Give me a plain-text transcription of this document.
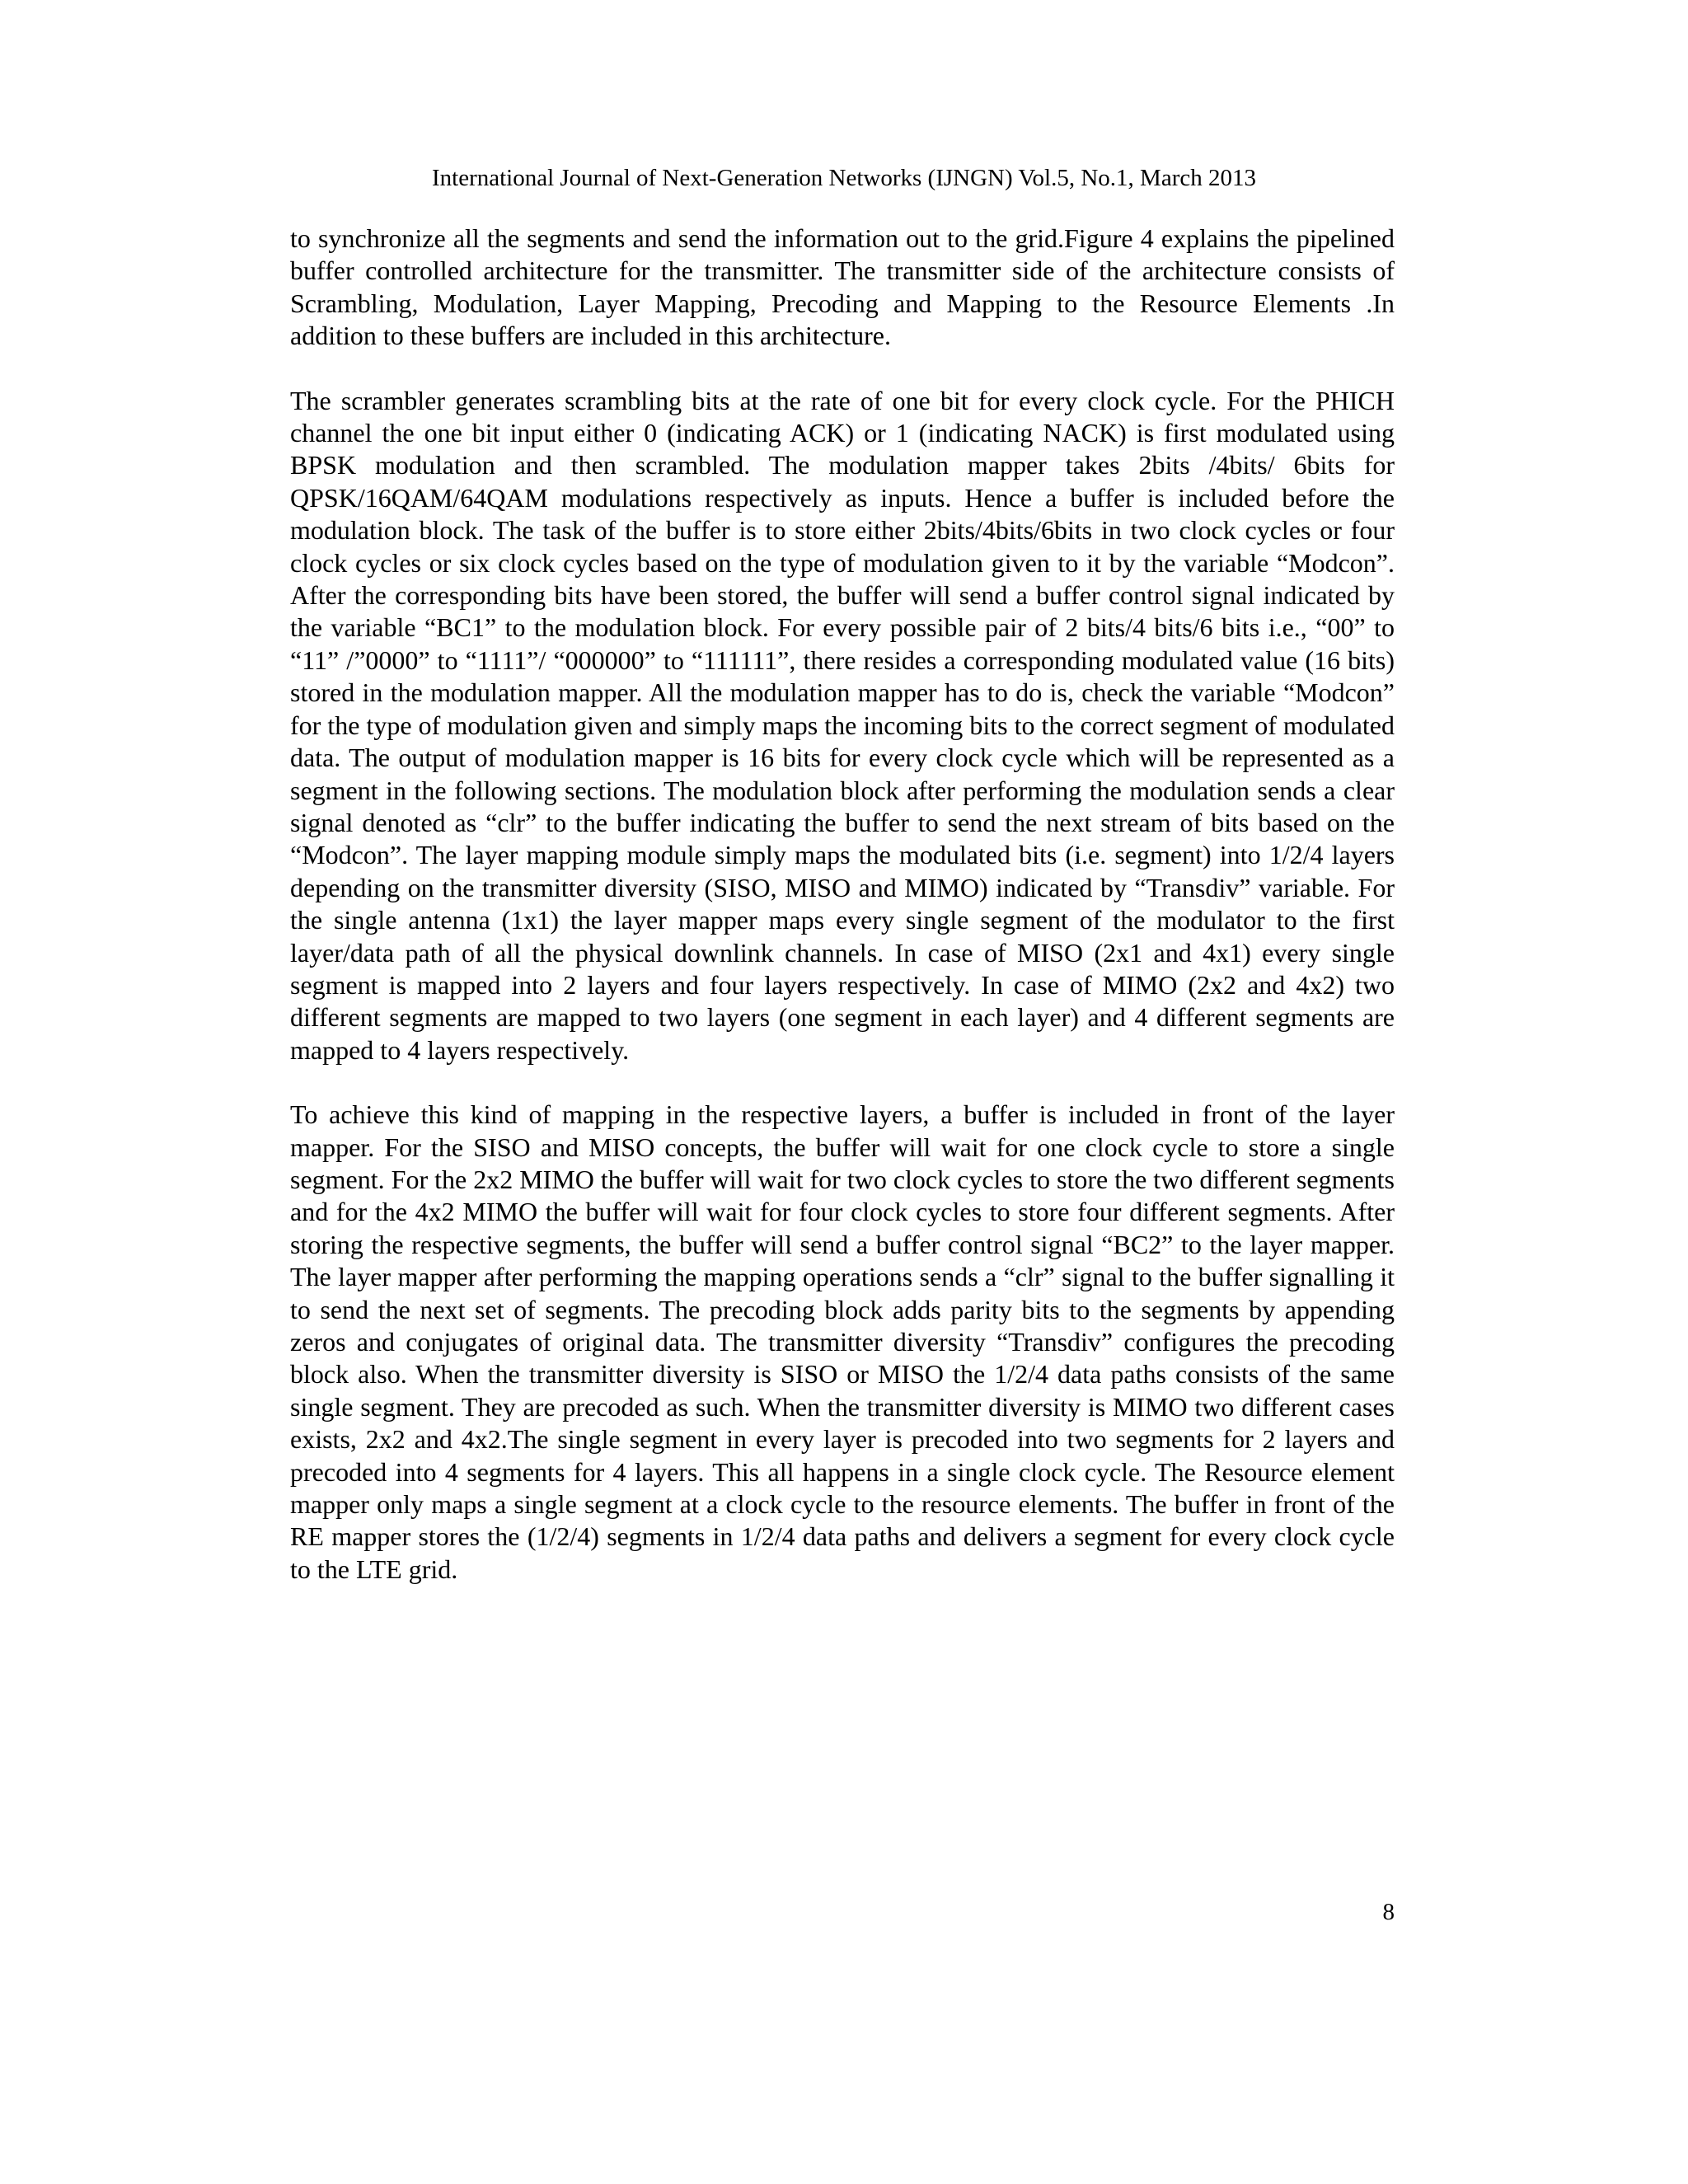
International Journal of Next-Generation Networks (IJNGN) Vol.5, No.1, March 2013

to synchronize all the segments and send the information out to the grid.Figure 4 explains the pipelined buffer controlled architecture for the transmitter. The transmitter side of the architecture consists of Scrambling, Modulation, Layer Mapping, Precoding and Mapping to the Resource Elements .In addition to these buffers are included in this architecture.

The scrambler generates scrambling bits at the rate of one bit for every clock cycle. For the PHICH channel the one bit input either 0 (indicating ACK) or 1 (indicating NACK) is first modulated using BPSK modulation and then scrambled. The modulation mapper takes 2bits /4bits/ 6bits for QPSK/16QAM/64QAM modulations respectively as inputs. Hence a buffer is included before the modulation block. The task of the buffer is to store either 2bits/4bits/6bits in two clock cycles or four clock cycles or six clock cycles based on the type of modulation given to it by the variable “Modcon”. After the corresponding bits have been stored, the buffer will send a buffer control signal indicated by the variable “BC1” to the modulation block. For every possible pair of 2 bits/4 bits/6 bits i.e., “00” to “11” /”0000” to “1111”/ “000000” to “111111”, there resides a corresponding modulated value (16 bits) stored in the modulation mapper. All the modulation mapper has to do is, check the variable “Modcon” for the type of modulation given and simply maps the incoming bits to the correct segment of modulated data. The output of modulation mapper is 16 bits for every clock cycle which will be represented as a segment in the following sections. The modulation block after performing the modulation sends a clear signal denoted as “clr” to the buffer indicating the buffer to send the next stream of bits based on the “Modcon”. The layer mapping module simply maps the modulated bits (i.e. segment) into 1/2/4 layers depending on the transmitter diversity (SISO, MISO and MIMO) indicated by “Transdiv” variable. For the single antenna (1x1) the layer mapper maps every single segment of the modulator to the first layer/data path of all the physical downlink channels. In case of MISO (2x1 and 4x1) every single segment is mapped into 2 layers and four layers respectively. In case of MIMO (2x2 and 4x2) two different segments are mapped to two layers (one segment in each layer) and 4 different segments are mapped to 4 layers respectively.

To achieve this kind of mapping in the respective layers, a buffer is included in front of the layer mapper. For the SISO and MISO concepts, the buffer will wait for one clock cycle to store a single segment. For the 2x2 MIMO the buffer will wait for two clock cycles to store the two different segments and for the 4x2 MIMO the buffer will wait for four clock cycles to store four different segments. After storing the respective segments, the buffer will send a buffer control signal “BC2” to the layer mapper. The layer mapper after performing the mapping operations sends a “clr” signal to the buffer signalling it to send the next set of segments. The precoding block adds parity bits to the segments by appending zeros and conjugates of original data. The transmitter diversity “Transdiv” configures the precoding block also. When the transmitter diversity is SISO or MISO the 1/2/4 data paths consists of the same single segment. They are precoded as such. When the transmitter diversity is MIMO two different cases exists, 2x2 and 4x2.The single segment in every layer is precoded into two segments for 2 layers and precoded into 4 segments for 4 layers. This all happens in a single clock cycle. The Resource element mapper only maps a single segment at a clock cycle to the resource elements. The buffer in front of the RE mapper stores the (1/2/4) segments in 1/2/4 data paths and delivers a segment for every clock cycle to the LTE grid.

8
